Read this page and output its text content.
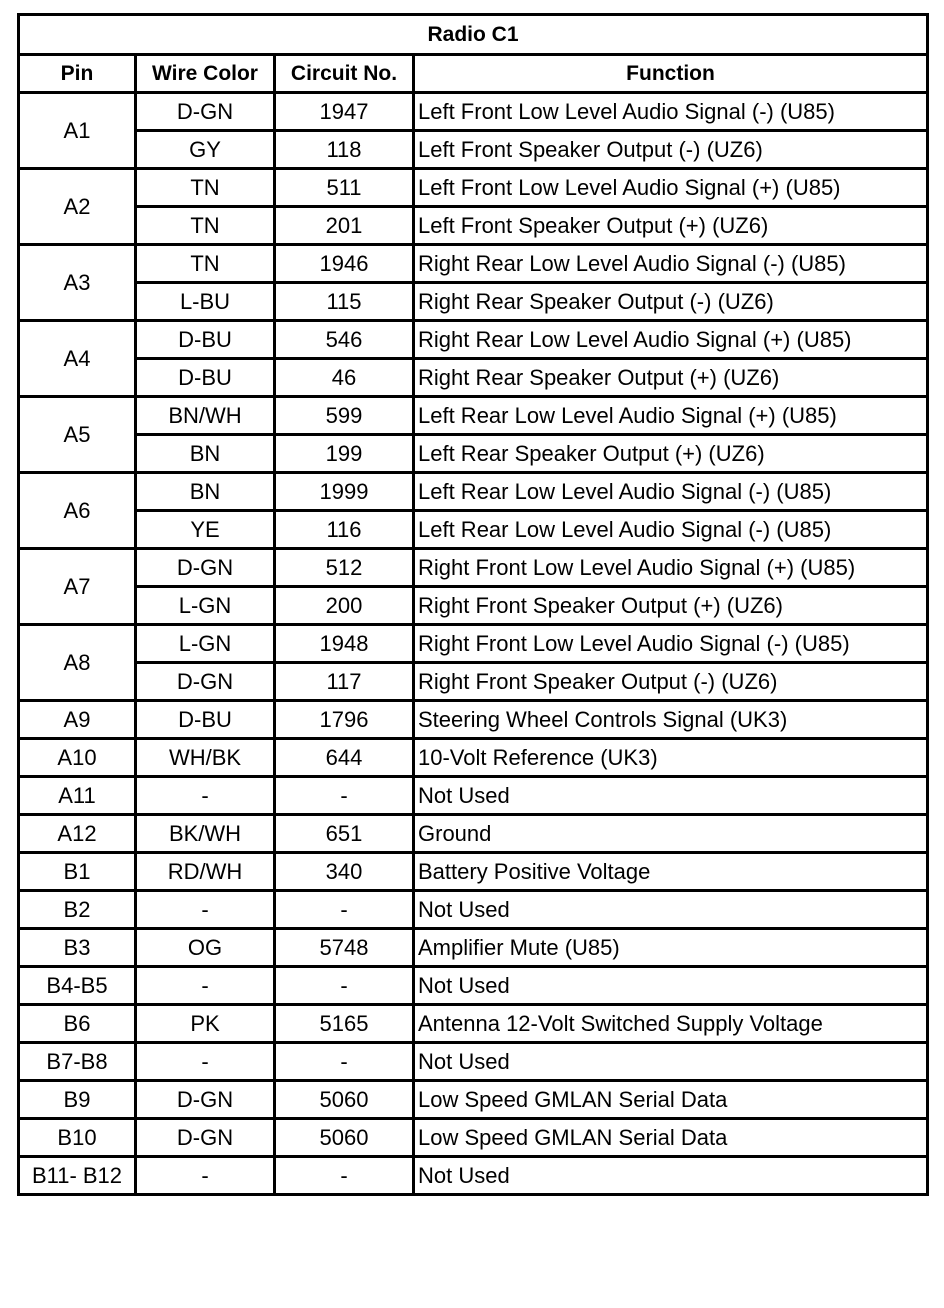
Radio C1			
Pin	Wire Color	Circuit No.	Function
A1	D-GN	1947	Left Front Low Level Audio Signal (-) (U85)
	GY	118	Left Front Speaker Output (-) (UZ6)
A2	TN	511	Left Front Low Level Audio Signal (+) (U85)
	TN	201	Left Front Speaker Output (+) (UZ6)
A3	TN	1946	Right Rear Low Level Audio Signal (-) (U85)
	L-BU	115	Right Rear Speaker Output (-) (UZ6)
A4	D-BU	546	Right Rear Low Level Audio Signal (+) (U85)
	D-BU	46	Right Rear Speaker Output (+) (UZ6)
A5	BN/WH	599	Left Rear Low Level Audio Signal (+) (U85)
	BN	199	Left Rear Speaker Output (+) (UZ6)
A6	BN	1999	Left Rear Low Level Audio Signal (-) (U85)
	YE	116	Left Rear Low Level Audio Signal (-) (U85)
A7	D-GN	512	Right Front Low Level Audio Signal (+) (U85)
	L-GN	200	Right Front Speaker Output (+) (UZ6)
A8	L-GN	1948	Right Front Low Level Audio Signal (-) (U85)
	D-GN	117	Right Front Speaker Output (-) (UZ6)
A9	D-BU	1796	Steering Wheel Controls Signal (UK3)
A10	WH/BK	644	10-Volt Reference (UK3)
A11	-	-	Not Used
A12	BK/WH	651	Ground
B1	RD/WH	340	Battery Positive Voltage
B2	-	-	Not Used
B3	OG	5748	Amplifier Mute (U85)
B4-B5	-	-	Not Used
B6	PK	5165	Antenna 12-Volt Switched Supply Voltage
B7-B8	-	-	Not Used
B9	D-GN	5060	Low Speed GMLAN Serial Data
B10	D-GN	5060	Low Speed GMLAN Serial Data
B11- B12	-	-	Not Used
